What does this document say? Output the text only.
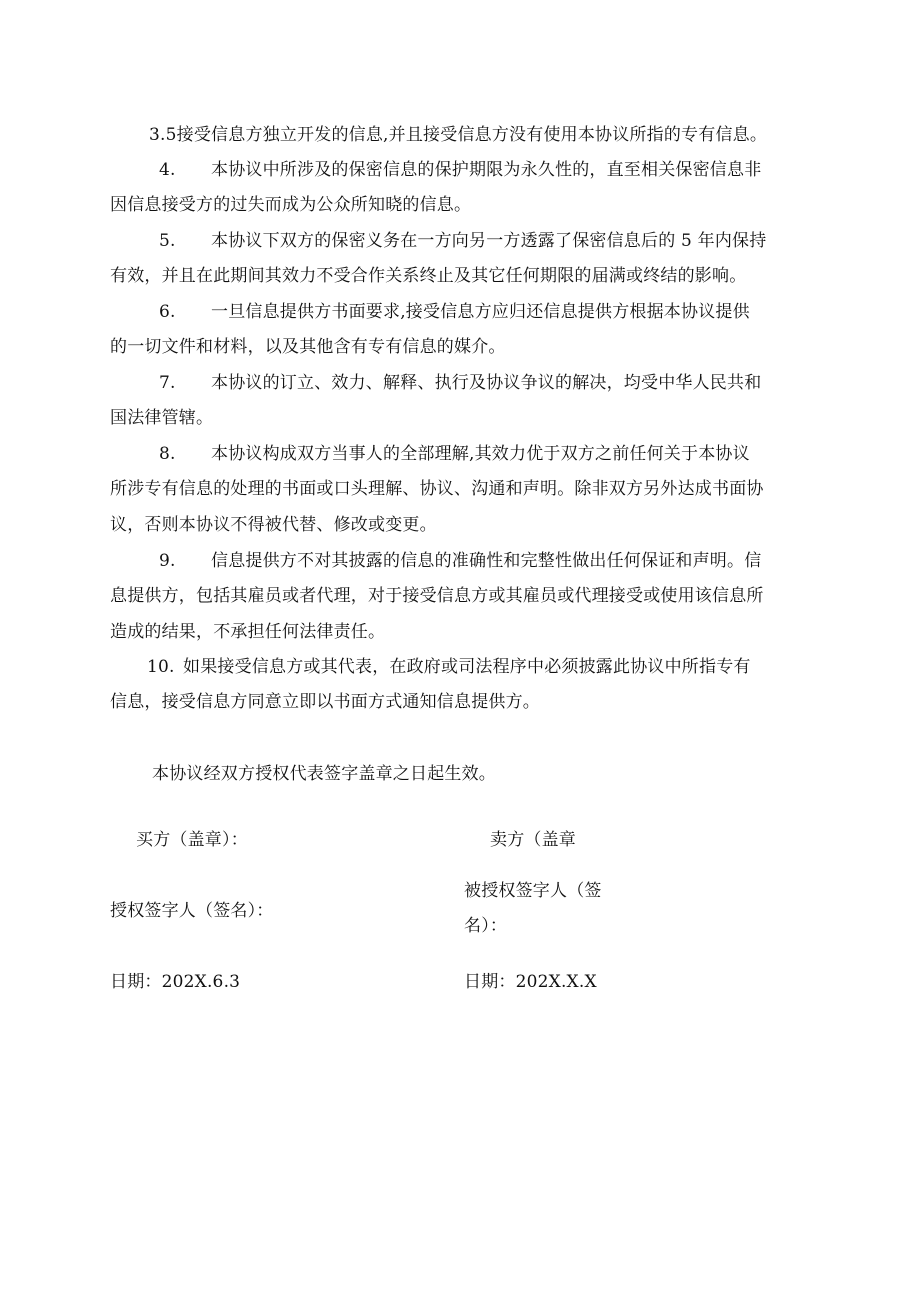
3.5接受信息方独立开发的信息,并且接受信息方没有使用本协议所指的专有信息。
4. 本协议中所涉及的保密信息的保护期限为永久性的，直至相关保密信息非
因信息接受方的过失而成为公众所知晓的信息。
5. 本协议下双方的保密义务在一方向另一方透露了保密信息后的 5 年内保持
有效，并且在此期间其效力不受合作关系终止及其它任何期限的届满或终结的影响。
6. 一旦信息提供方书面要求,接受信息方应归还信息提供方根据本协议提供
的一切文件和材料，以及其他含有专有信息的媒介。
7. 本协议的订立、效力、解释、执行及协议争议的解决，均受中华人民共和
国法律管辖。
8. 本协议构成双方当事人的全部理解,其效力优于双方之前任何关于本协议
所涉专有信息的处理的书面或口头理解、协议、沟通和声明。除非双方另外达成书面协
议，否则本协议不得被代替、修改或变更。
9. 信息提供方不对其披露的信息的准确性和完整性做出任何保证和声明。信
息提供方，包括其雇员或者代理，对于接受信息方或其雇员或代理接受或使用该信息所
造成的结果，不承担任何法律责任。
10. 如果接受信息方或其代表，在政府或司法程序中必须披露此协议中所指专有
信息，接受信息方同意立即以书面方式通知信息提供方。
本协议经双方授权代表签字盖章之日起生效。
买方（盖章）：
授权签字人（签名）：
日期：202X.6.3
卖方（盖章
被授权签字人（签
名）：
日期：202X.X.X
